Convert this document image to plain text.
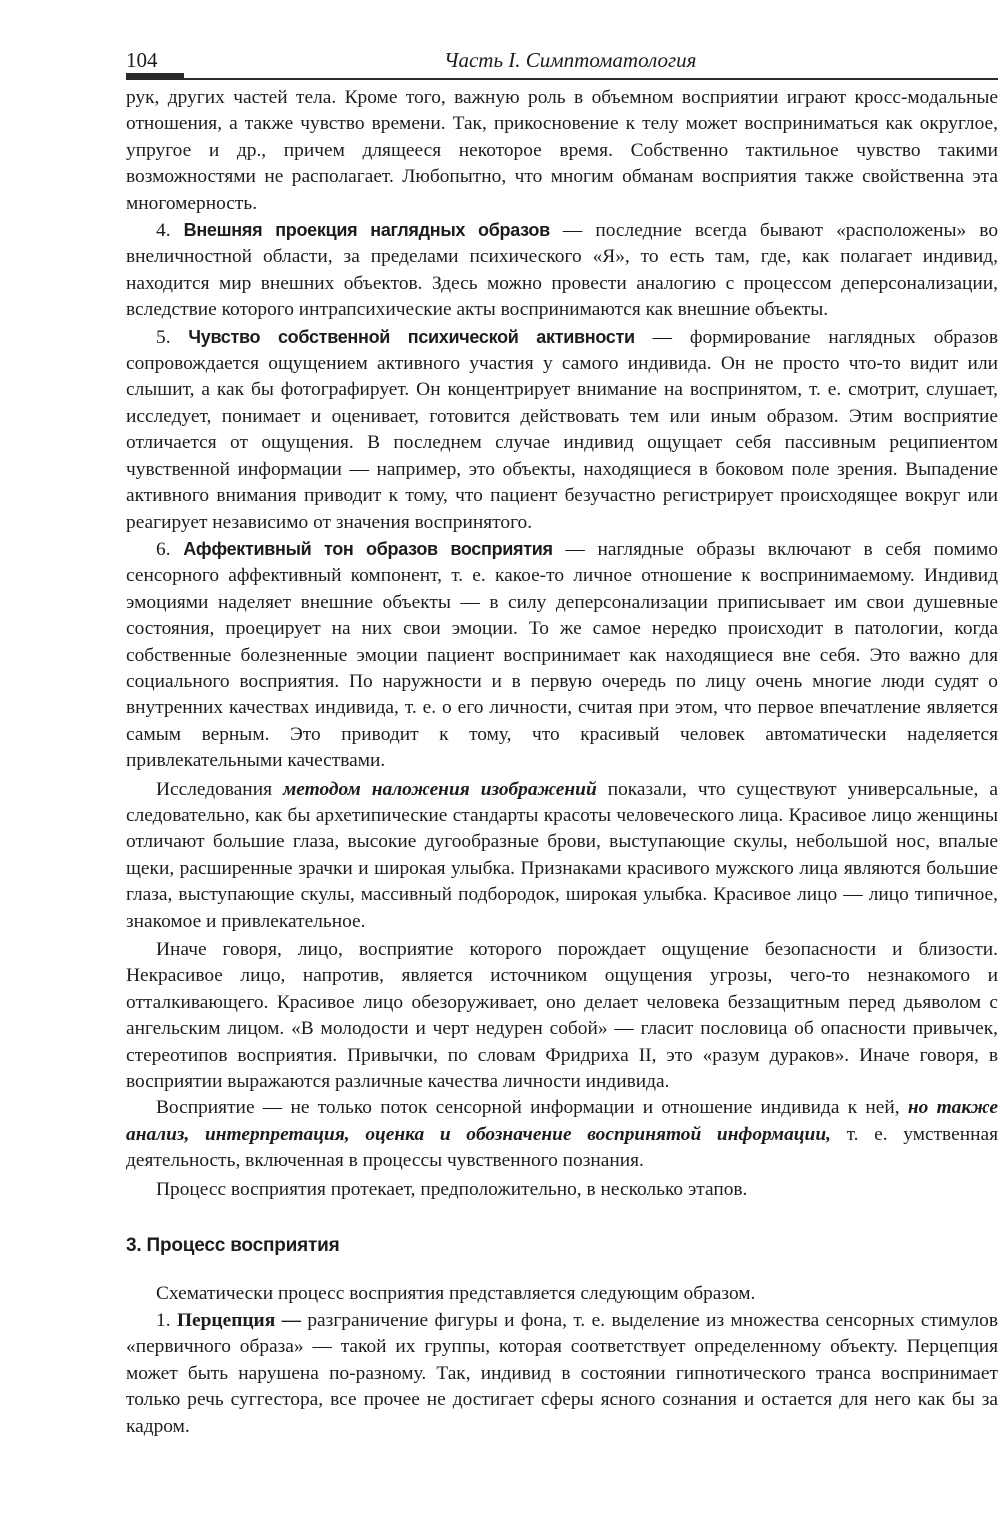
104	Часть I. Симптоматология

рук, других частей тела. Кроме того, важную роль в объемном восприятии играют кросс-модальные отношения, а также чувство времени. Так, прикосновение к телу может восприниматься как округлое, упругое и др., причем длящееся некоторое время. Собственно тактильное чувство такими возможностями не располагает. Любопытно, что многим обманам восприятия также свойственна эта многомерность.

4. Внешняя проекция наглядных образов — последние всегда бывают «расположены» во внеличностной области, за пределами психического «Я», то есть там, где, как полагает индивид, находится мир внешних объектов. Здесь можно провести аналогию с процессом деперсонализации, вследствие которого интрапсихические акты воспринимаются как внешние объекты.

5. Чувство собственной психической активности — формирование наглядных образов сопровождается ощущением активного участия у самого индивида. Он не просто что-то видит или слышит, а как бы фотографирует. Он концентрирует внимание на воспринятом, т. е. смотрит, слушает, исследует, понимает и оценивает, готовится действовать тем или иным образом. Этим восприятие отличается от ощущения. В последнем случае индивид ощущает себя пассивным реципиентом чувственной информации — например, это объекты, находящиеся в боковом поле зрения. Выпадение активного внимания приводит к тому, что пациент безучастно регистрирует происходящее вокруг или реагирует независимо от значения воспринятого.

6. Аффективный тон образов восприятия — наглядные образы включают в себя помимо сенсорного аффективный компонент, т. е. какое-то личное отношение к воспринимаемому. Индивид эмоциями наделяет внешние объекты — в силу деперсонализации приписывает им свои душевные состояния, проецирует на них свои эмоции. То же самое нередко происходит в патологии, когда собственные болезненные эмоции пациент воспринимает как находящиеся вне себя. Это важно для социального восприятия. По наружности и в первую очередь по лицу очень многие люди судят о внутренних качествах индивида, т. е. о его личности, считая при этом, что первое впечатление является самым верным. Это приводит к тому, что красивый человек автоматически наделяется привлекательными качествами.

Исследования методом наложения изображений показали, что существуют универсальные, а следовательно, как бы архетипические стандарты красоты человеческого лица. Красивое лицо женщины отличают большие глаза, высокие дугообразные брови, выступающие скулы, небольшой нос, впалые щеки, расширенные зрачки и широкая улыбка. Признаками красивого мужского лица являются большие глаза, выступающие скулы, массивный подбородок, широкая улыбка. Красивое лицо — лицо типичное, знакомое и привлекательное.

Иначе говоря, лицо, восприятие которого порождает ощущение безопасности и близости. Некрасивое лицо, напротив, является источником ощущения угрозы, чего-то незнакомого и отталкивающего. Красивое лицо обезоруживает, оно делает человека беззащитным перед дьяволом с ангельским лицом. «В молодости и черт недурен собой» — гласит пословица об опасности привычек, стереотипов восприятия. Привычки, по словам Фридриха II, это «разум дураков». Иначе говоря, в восприятии выражаются различные качества личности индивида.

Восприятие — не только поток сенсорной информации и отношение индивида к ней, но также анализ, интерпретация, оценка и обозначение воспринятой информации, т. е. умственная деятельность, включенная в процессы чувственного познания.

Процесс восприятия протекает, предположительно, в несколько этапов.

3. Процесс восприятия

Схематически процесс восприятия представляется следующим образом.

1. Перцепция — разграничение фигуры и фона, т. е. выделение из множества сенсорных стимулов «первичного образа» — такой их группы, которая соответствует определенному объекту. Перцепция может быть нарушена по-разному. Так, индивид в состоянии гипнотического транса воспринимает только речь суггестора, все прочее не достигает сферы ясного сознания и остается для него как бы за кадром.
